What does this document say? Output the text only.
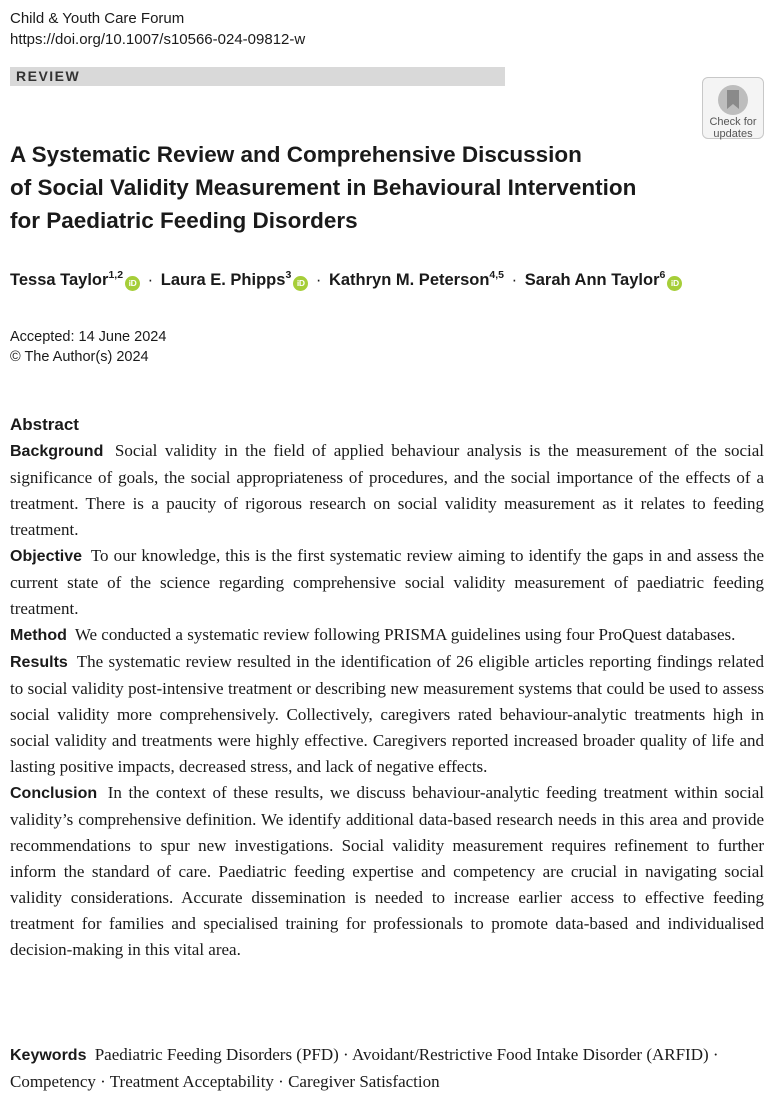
Child & Youth Care Forum
https://doi.org/10.1007/s10566-024-09812-w
REVIEW
Check for
updates
A Systematic Review and Comprehensive Discussion
of Social Validity Measurement in Behavioural Intervention
for Paediatric Feeding Disorders
Tessa Taylor$^{1,2}$iD · Laura E. Phipps$^3$iD · Kathryn M. Peterson$^{4,5}$ · Sarah Ann Taylor$^6$iD
Accepted: 14 June 2024
© The Author(s) 2024
Abstract
Background Social validity in the field of applied behaviour analysis is the measurement of the social significance of goals, the social appropriateness of procedures, and the social importance of the effects of a treatment. There is a paucity of rigorous research on social validity measurement as it relates to feeding treatment.
Objective To our knowledge, this is the first systematic review aiming to identify the gaps in and assess the current state of the science regarding comprehensive social validity measurement of paediatric feeding treatment.
Method We conducted a systematic review following PRISMA guidelines using four ProQuest databases.
Results The systematic review resulted in the identification of 26 eligible articles reporting findings related to social validity post-intensive treatment or describing new measurement systems that could be used to assess social validity more comprehensively. Collectively, caregivers rated behaviour-analytic treatments high in social validity and treatments were highly effective. Caregivers reported increased broader quality of life and lasting positive impacts, decreased stress, and lack of negative effects.
Conclusion In the context of these results, we discuss behaviour-analytic feeding treatment within social validity’s comprehensive definition. We identify additional data-based research needs in this area and provide recommendations to spur new investigations. Social validity measurement requires refinement to further inform the standard of care. Paediatric feeding expertise and competency are crucial in navigating social validity considerations. Accurate dissemination is needed to increase earlier access to effective feeding treatment for families and specialised training for professionals to promote data-based and individualised decision-making in this vital area.
Keywords Paediatric Feeding Disorders (PFD) · Avoidant/Restrictive Food Intake Disorder (ARFID) · Competency · Treatment Acceptability · Caregiver Satisfaction
